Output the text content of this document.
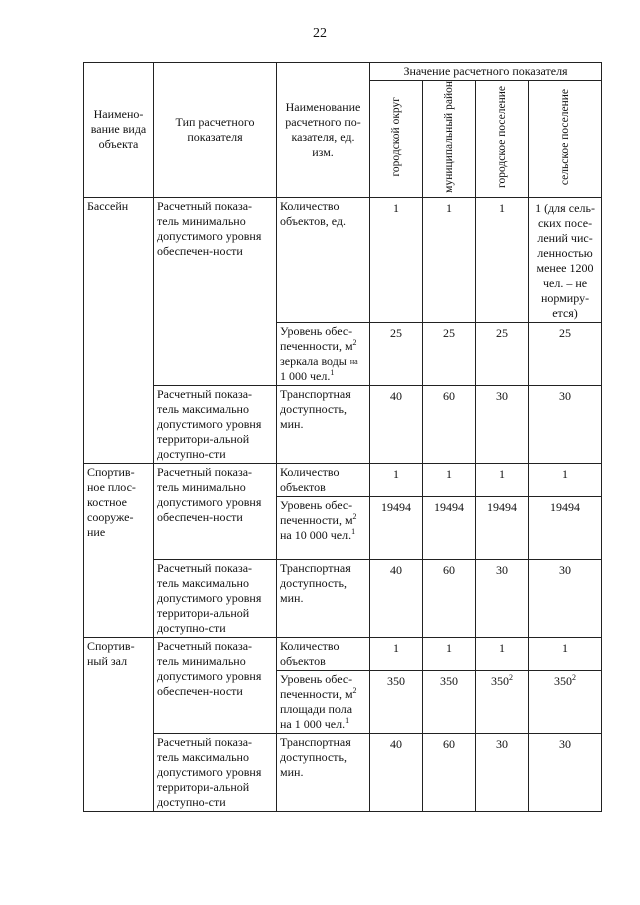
22
Наимено-вание вида объекта	Тип расчетного показателя	Наименование расчетного по-казателя, ед. изм.	Значение расчетного показателя			
			городской округ	муниципальный район	городское поселение	сельское поселение
Бассейн	Расчетный показа-тель минимально допустимого уровня обеспечен-ности	Количество объектов, ед.	1	1	1	1 (для сель-ских посе-лений чис-ленностью менее 1200 чел. – не нормиру-ется)
		Уровень обес-печенности, $м^2$ зеркала воды $^{на}$ 1 000 чел.$^1$	25	25	25	25
	Расчетный показа-тель максимально допустимого уровня территори-альной доступно-сти	Транспортная доступность, мин.	40	60	30	30
Спортив-ное плос-костное сооруже-ние	Расчетный показа-тель минимально допустимого уровня обеспечен-ности	Количество объектов	1	1	1	1
		Уровень обес-печенности, $м^2$ на 10 000 чел.$^1$	19494	19494	19494	19494
	Расчетный показа-тель максимально допустимого уровня территори-альной доступно-сти	Транспортная доступность, мин.	40	60	30	30
Спортив-ный зал	Расчетный показа-тель минимально допустимого уровня обеспечен-ности	Количество объектов	1	1	1	1
		Уровень обес-печенности, $м^2$ площади пола на 1 000 чел.$^1$	350	350	$350^2$	$350^2$
	Расчетный показа-тель максимально допустимого уровня территори-альной доступно-сти	Транспортная доступность, мин.	40	60	30	30
